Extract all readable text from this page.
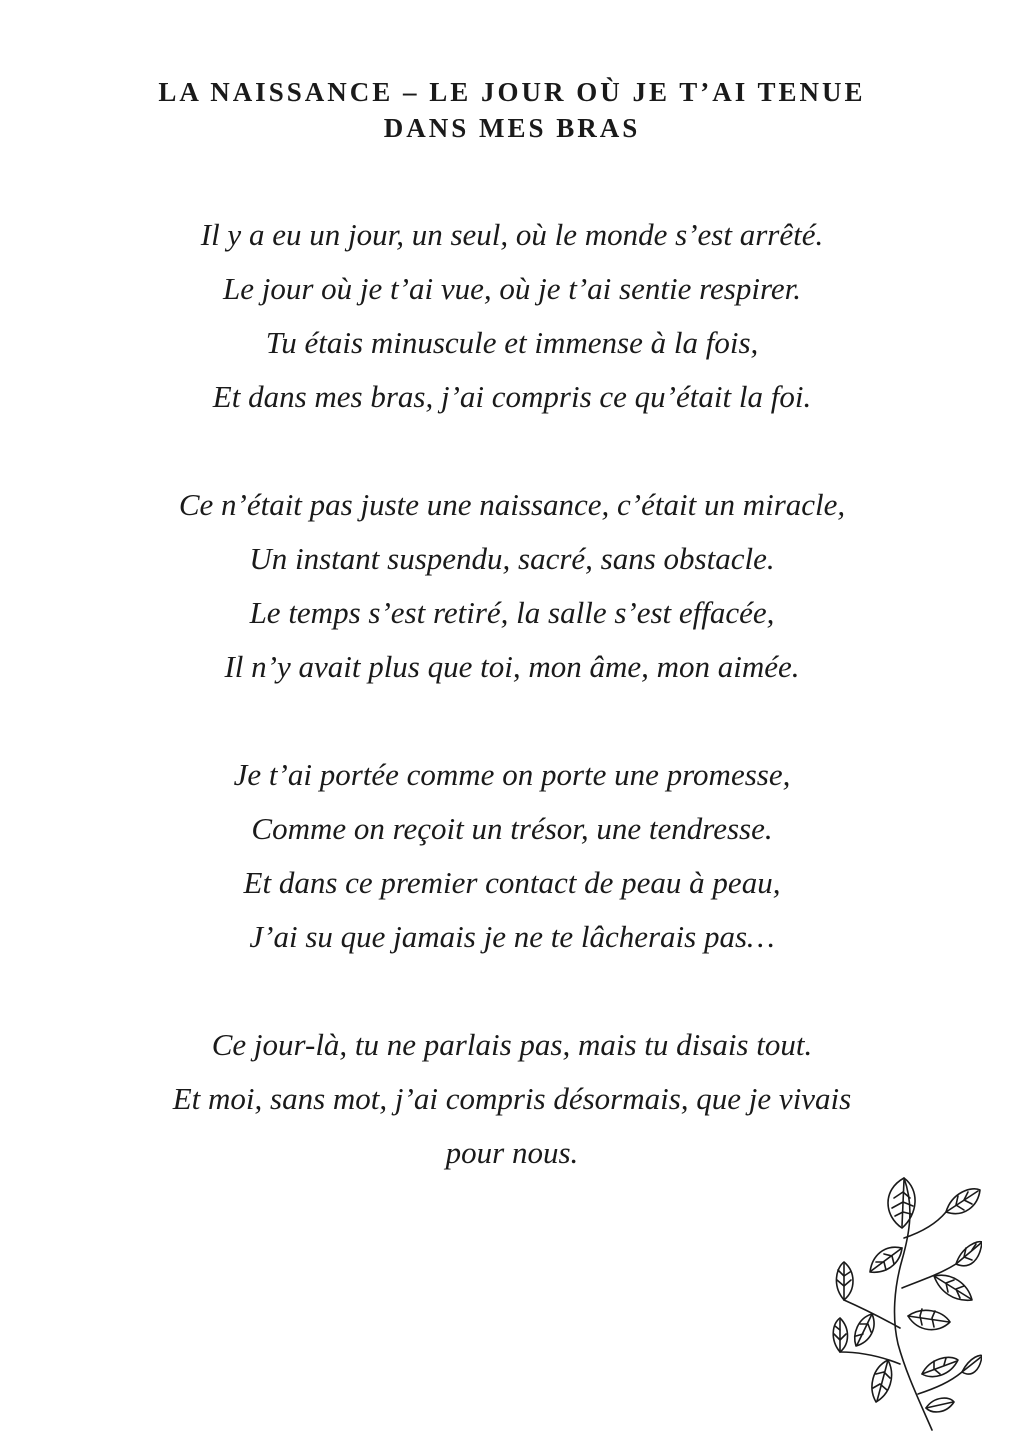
LA NAISSANCE – LE JOUR OÙ JE T’AI TENUE
DANS MES BRAS

Il y a eu un jour, un seul, où le monde s’est arrêté.
Le jour où je t’ai vue, où je t’ai sentie respirer.
Tu étais minuscule et immense à la fois,
Et dans mes bras, j’ai compris ce qu’était la foi.

Ce n’était pas juste une naissance, c’était un miracle,
Un instant suspendu, sacré, sans obstacle.
Le temps s’est retiré, la salle s’est effacée,
Il n’y avait plus que toi, mon âme, mon aimée.

Je t’ai portée comme on porte une promesse,
Comme on reçoit un trésor, une tendresse.
Et dans ce premier contact de peau à peau,
J’ai su que jamais je ne te lâcherais pas…

Ce jour-là, tu ne parlais pas, mais tu disais tout.
Et moi, sans mot, j’ai compris désormais, que je vivais
pour nous.
